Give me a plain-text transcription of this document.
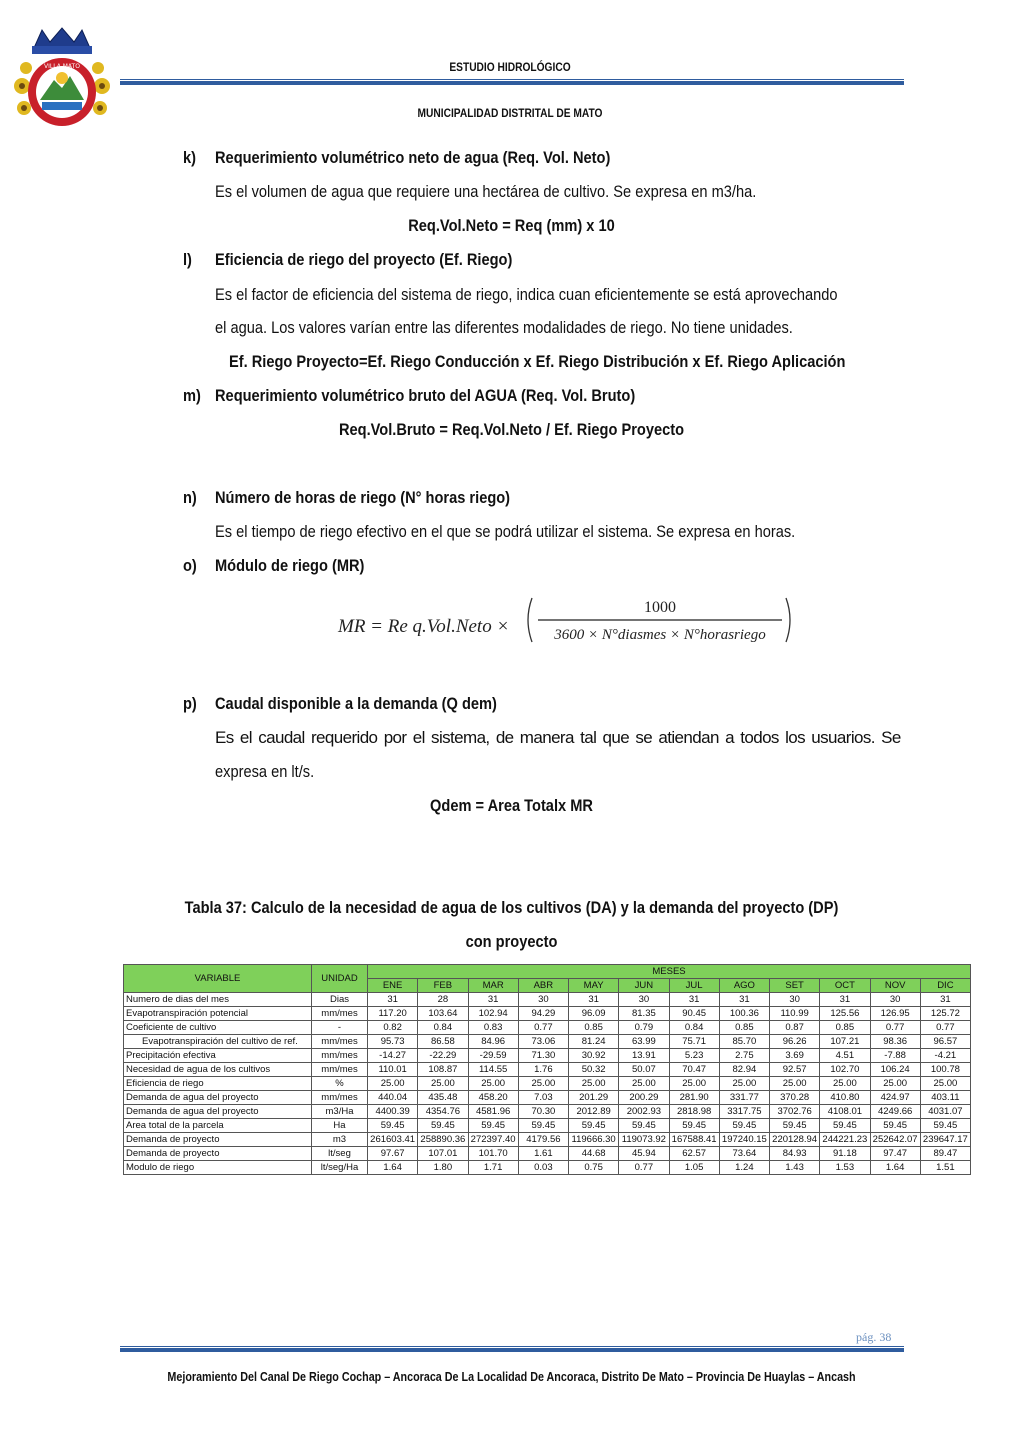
VILLA MATO	ESTUDIO HIDROLÓGICO
MUNICIPALIDAD DISTRITAL DE MATO
k) Requerimiento volumétrico neto de agua (Req. Vol. Neto)
Es el volumen de agua que requiere una hectárea de cultivo. Se expresa en m3/ha.
Req.Vol.Neto = Req (mm) x 10
l) Eficiencia de riego del proyecto (Ef. Riego)
Es el factor de eficiencia del sistema de riego, indica cuan eficientemente se está aprovechando
el agua. Los valores varían entre las diferentes modalidades de riego. No tiene unidades.
Ef. Riego Proyecto=Ef. Riego Conducción x Ef. Riego Distribución x Ef. Riego Aplicación
m) Requerimiento volumétrico bruto del AGUA (Req. Vol. Bruto)
Req.Vol.Bruto = Req.Vol.Neto / Ef. Riego Proyecto
n) Número de horas de riego (N° horas riego)
Es el tiempo de riego efectivo en el que se podrá utilizar el sistema. Se expresa en horas.
o) Módulo de riego (MR)
MR = Re q.Vol.Neto ×
1000
3600 × N°diasmes × N°horasriego
p) Caudal disponible a la demanda (Q dem)
Es el caudal requerido por el sistema, de manera tal que se atiendan a todos los usuarios. Se
expresa en lt/s.
Qdem = Area Totalx MR
Tabla 37: Calculo de la necesidad de agua de los cultivos (DA) y la demanda del proyecto (DP)
con proyecto
VARIABLE	UNIDAD	MESES											
		ENE	FEB	MAR	ABR	MAY	JUN	JUL	AGO	SET	OCT	NOV	DIC
Numero de dias del mes	Dias	31	28	31	30	31	30	31	31	30	31	30	31
Evapotranspiración potencial	mm/mes	117.20	103.64	102.94	94.29	96.09	81.35	90.45	100.36	110.99	125.56	126.95	125.72
Coeficiente de cultivo	-	0.82	0.84	0.83	0.77	0.85	0.79	0.84	0.85	0.87	0.85	0.77	0.77
Evapotranspiración del cultivo de ref.	mm/mes	95.73	86.58	84.96	73.06	81.24	63.99	75.71	85.70	96.26	107.21	98.36	96.57
Precipitación efectiva	mm/mes	-14.27	-22.29	-29.59	71.30	30.92	13.91	5.23	2.75	3.69	4.51	-7.88	-4.21
Necesidad de agua de los cultivos	mm/mes	110.01	108.87	114.55	1.76	50.32	50.07	70.47	82.94	92.57	102.70	106.24	100.78
Eficiencia de riego	%	25.00	25.00	25.00	25.00	25.00	25.00	25.00	25.00	25.00	25.00	25.00	25.00
Demanda de agua del proyecto	mm/mes	440.04	435.48	458.20	7.03	201.29	200.29	281.90	331.77	370.28	410.80	424.97	403.11
Demanda de agua del proyecto	m3/Ha	4400.39	4354.76	4581.96	70.30	2012.89	2002.93	2818.98	3317.75	3702.76	4108.01	4249.66	4031.07
Area total de la parcela	Ha	59.45	59.45	59.45	59.45	59.45	59.45	59.45	59.45	59.45	59.45	59.45	59.45
Demanda de proyecto	m3	261603.41	258890.36	272397.40	4179.56	119666.30	119073.92	167588.41	197240.15	220128.94	244221.23	252642.07	239647.17
Demanda de proyecto	lt/seg	97.67	107.01	101.70	1.61	44.68	45.94	62.57	73.64	84.93	91.18	97.47	89.47
Modulo de riego	lt/seg/Ha	1.64	1.80	1.71	0.03	0.75	0.77	1.05	1.24	1.43	1.53	1.64	1.51
pág. 38
Mejoramiento Del Canal De Riego Cochap – Ancoraca De La Localidad De Ancoraca, Distrito De Mato – Provincia De Huaylas – Ancash
